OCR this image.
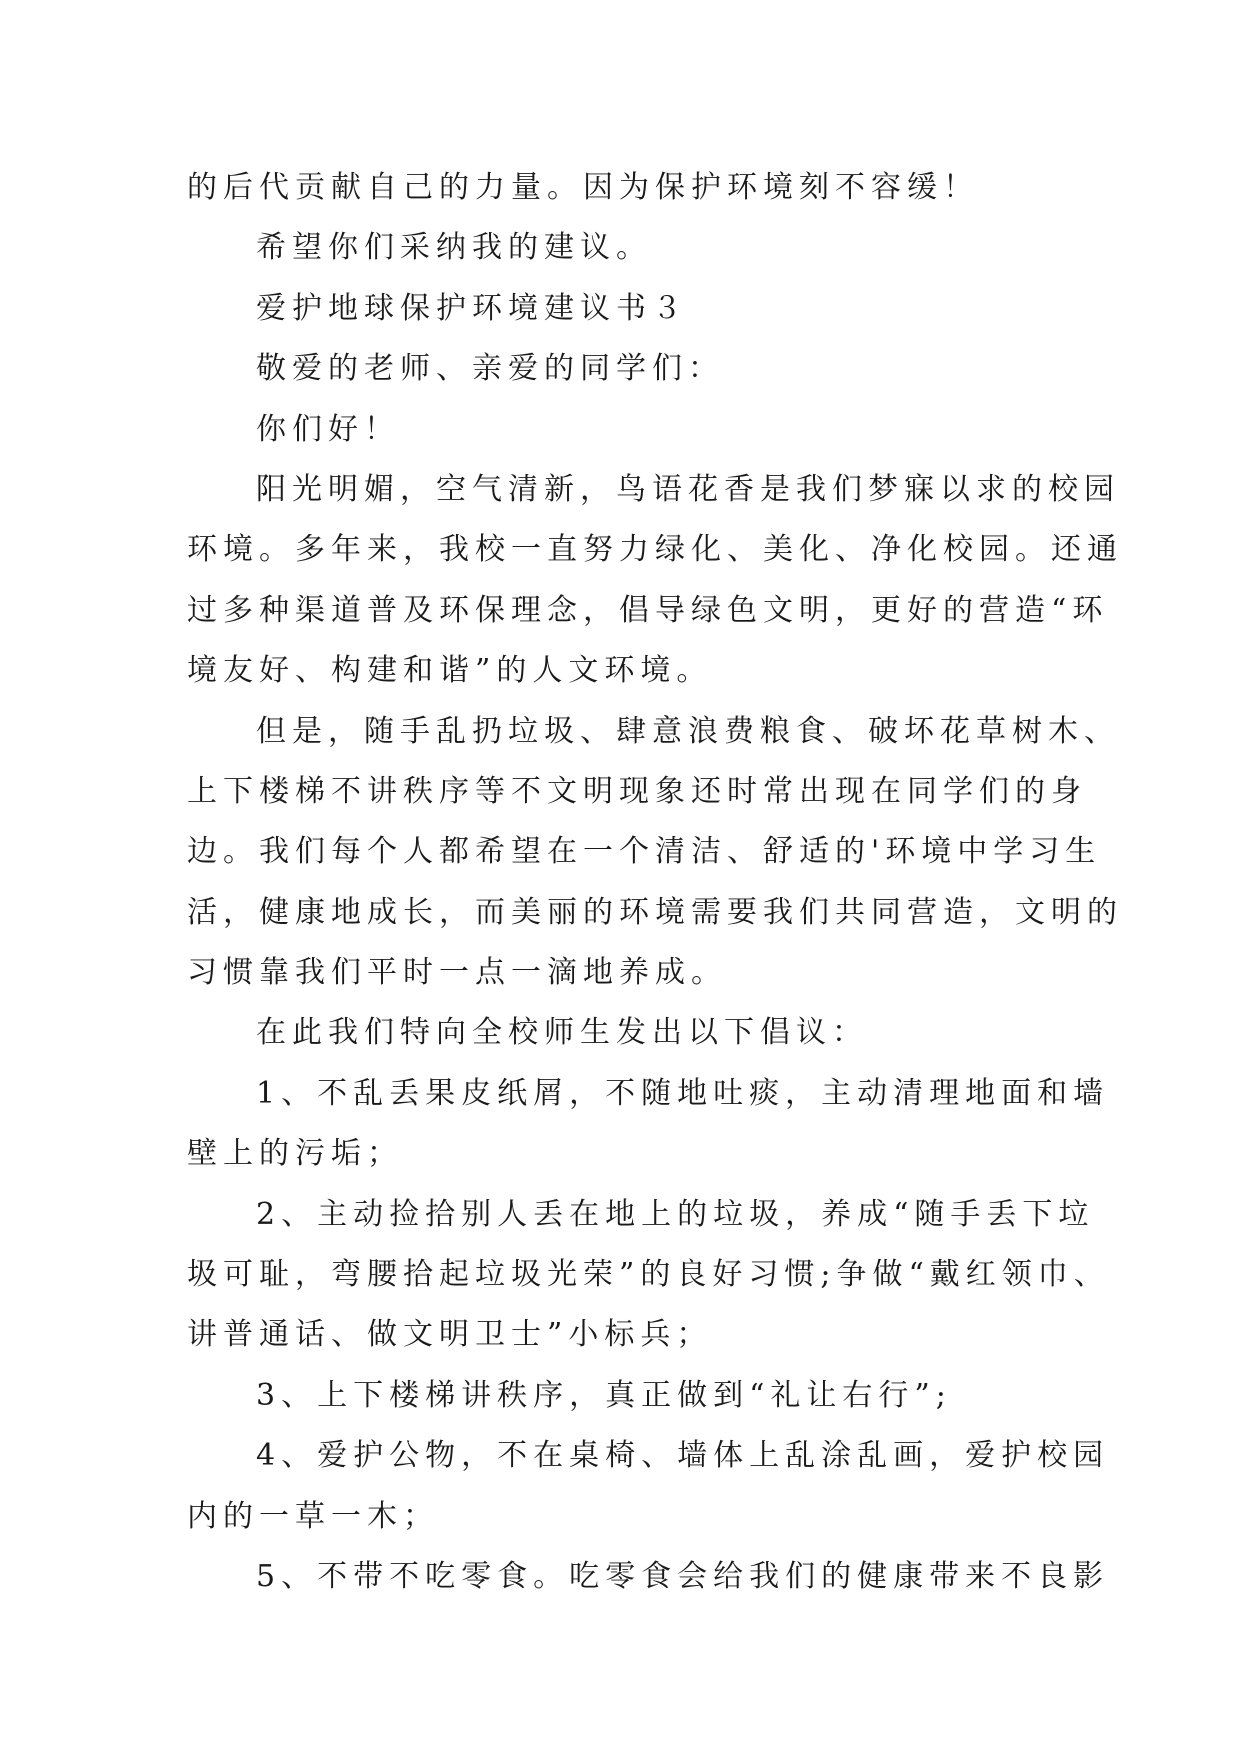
的后代贡献自己的力量。因为保护环境刻不容缓！
希望你们采纳我的建议。
爱护地球保护环境建议书３
敬爱的老师、亲爱的同学们：
你们好！
阳光明媚，空气清新，鸟语花香是我们梦寐以求的校园
环境。多年来，我校一直努力绿化、美化、净化校园。还通
过多种渠道普及环保理念，倡导绿色文明，更好的营造“环
境友好、构建和谐”的人文环境。
但是，随手乱扔垃圾、肆意浪费粮食、破坏花草树木、
上下楼梯不讲秩序等不文明现象还时常出现在同学们的身
边。我们每个人都希望在一个清洁、舒适的'环境中学习生
活，健康地成长，而美丽的环境需要我们共同营造，文明的
习惯靠我们平时一点一滴地养成。
在此我们特向全校师生发出以下倡议：
1、不乱丢果皮纸屑，不随地吐痰，主动清理地面和墙
壁上的污垢；
2、主动捡拾别人丢在地上的垃圾，养成“随手丢下垃
圾可耻，弯腰拾起垃圾光荣”的良好习惯;争做“戴红领巾、
讲普通话、做文明卫士”小标兵；
3、上下楼梯讲秩序，真正做到“礼让右行”;
4、爱护公物，不在桌椅、墙体上乱涂乱画，爱护校园
内的一草一木；
5、不带不吃零食。吃零食会给我们的健康带来不良影
